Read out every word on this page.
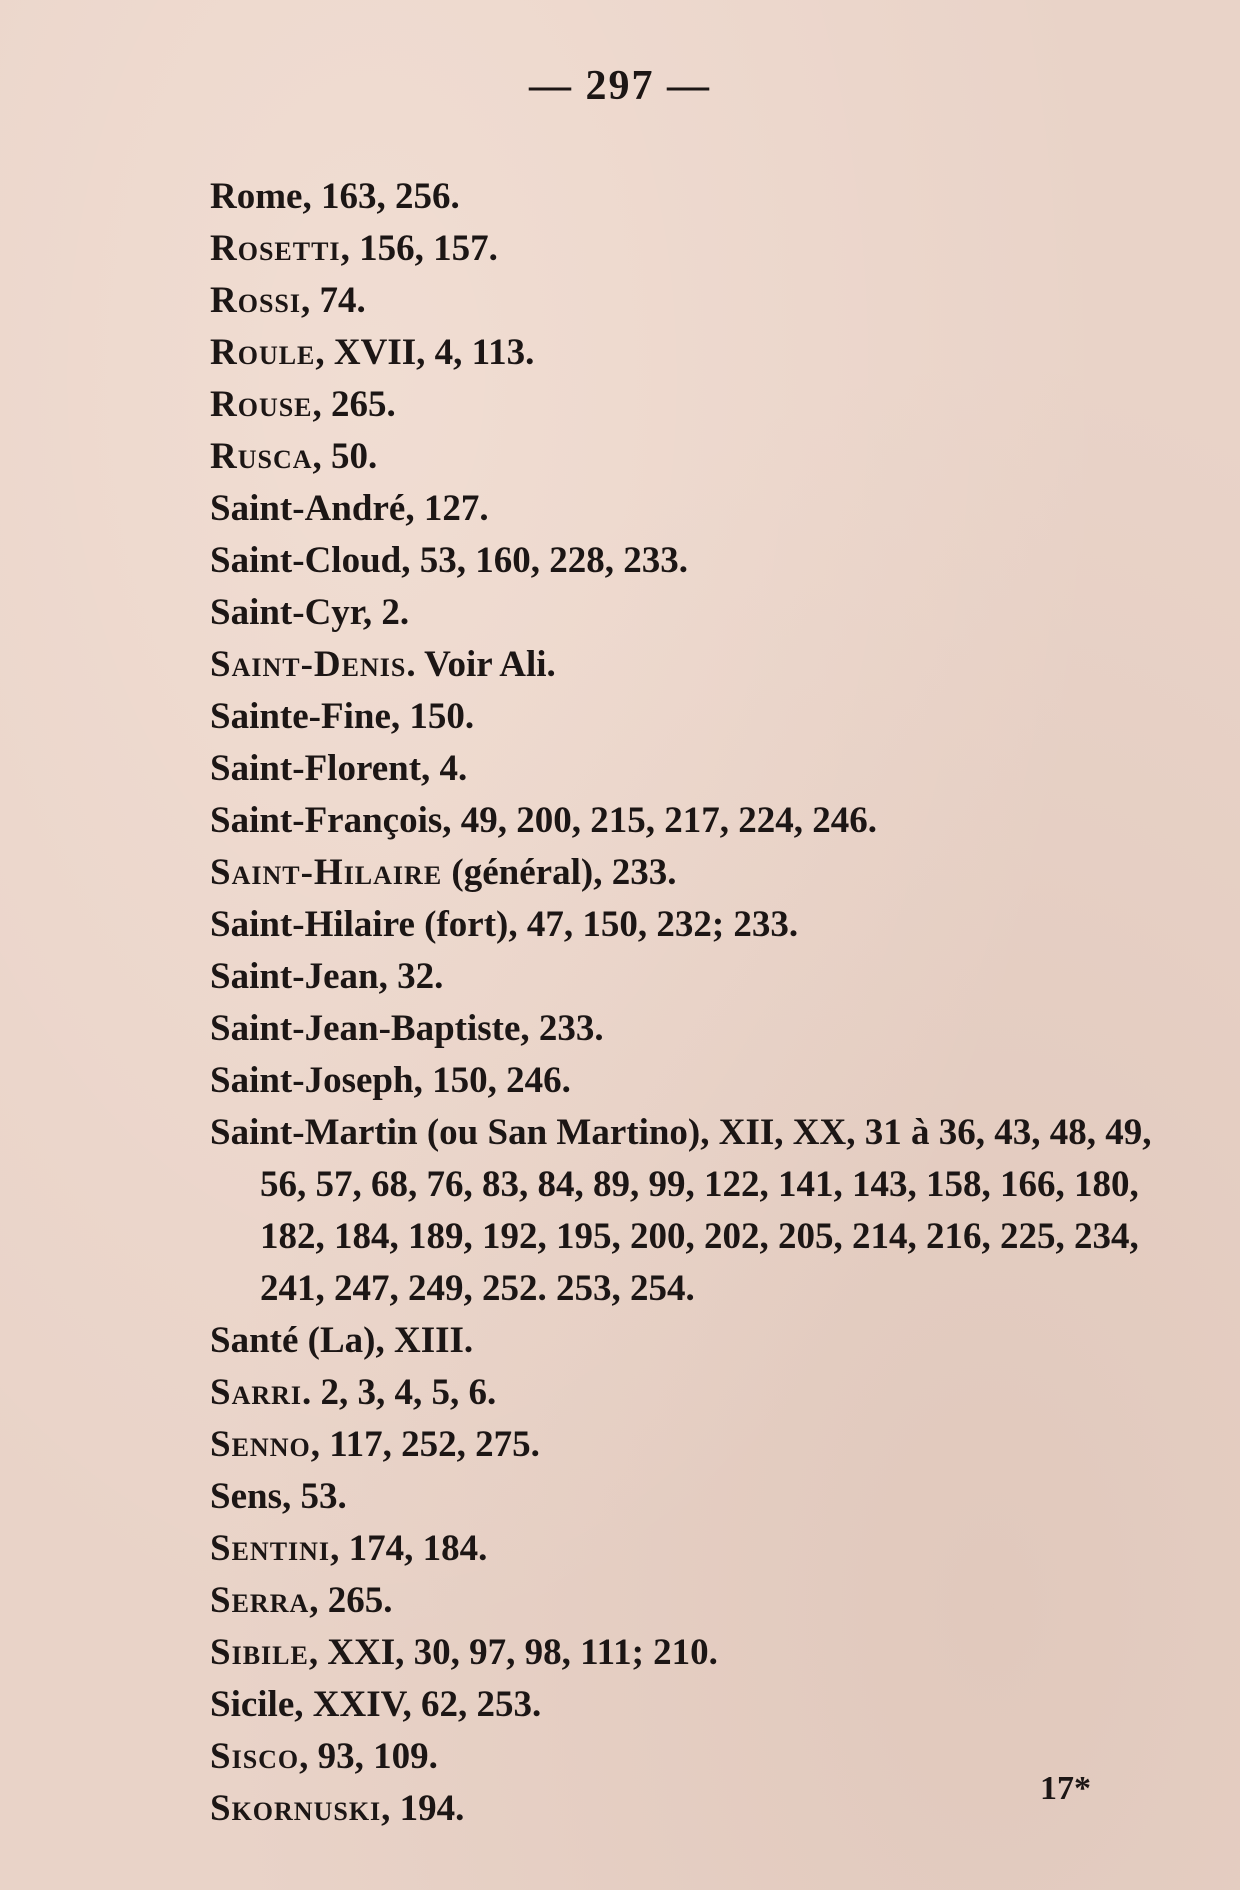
— 297 —

Rome, 163, 256.

Rosetti, 156, 157.

Rossi, 74.

Roule, XVII, 4, 113.

Rouse, 265.

Rusca, 50.

Saint-André, 127.

Saint-Cloud, 53, 160, 228, 233.

Saint-Cyr, 2.

Saint-Denis. Voir Ali.

Sainte-Fine, 150.

Saint-Florent, 4.

Saint-François, 49, 200, 215, 217, 224, 246.

Saint-Hilaire (général), 233.

Saint-Hilaire (fort), 47, 150, 232; 233.

Saint-Jean, 32.

Saint-Jean-Baptiste, 233.

Saint-Joseph, 150, 246.

Saint-Martin (ou San Martino), XII, XX, 31 à 36, 43, 48, 49, 56, 57, 68, 76, 83, 84, 89, 99, 122, 141, 143, 158, 166, 180, 182, 184, 189, 192, 195, 200, 202, 205, 214, 216, 225, 234, 241, 247, 249, 252. 253, 254.

Santé (La), XIII.

Sarri. 2, 3, 4, 5, 6.

Senno, 117, 252, 275.

Sens, 53.

Sentini, 174, 184.

Serra, 265.

Sibile, XXI, 30, 97, 98, 111; 210.

Sicile, XXIV, 62, 253.

Sisco, 93, 109.

Skornuski, 194.	17*
